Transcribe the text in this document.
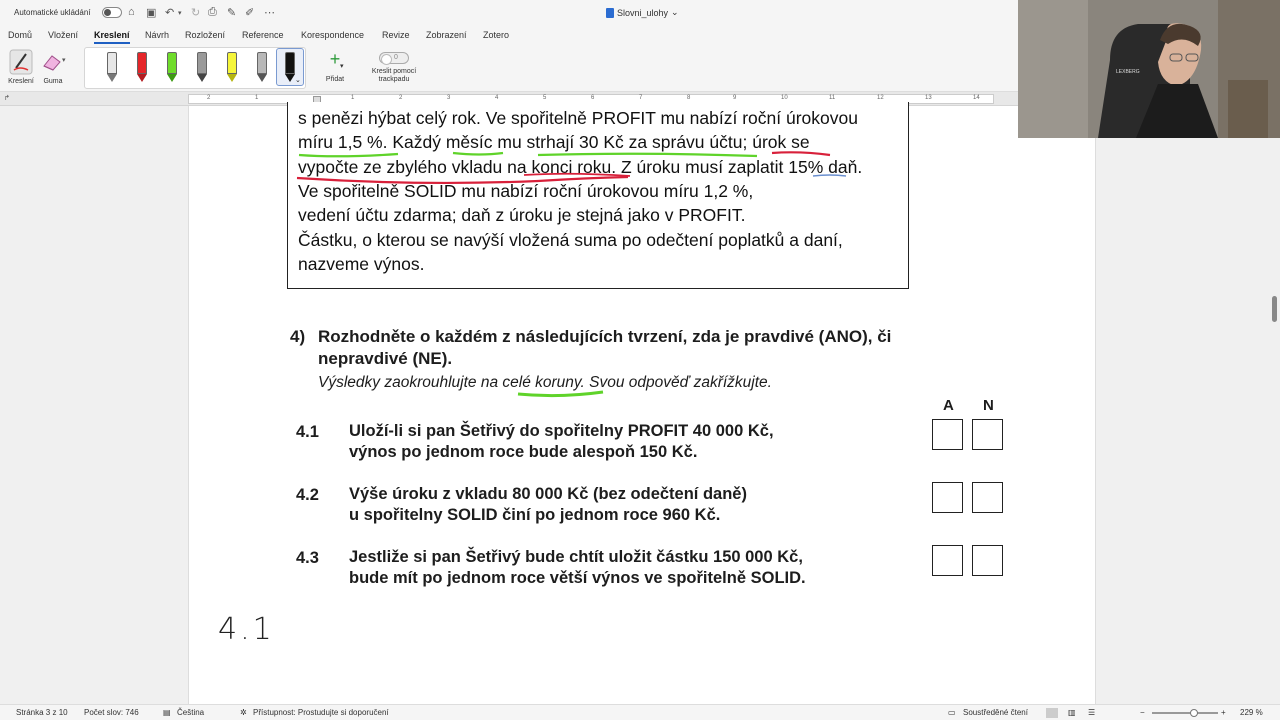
Automatické ukládání	⌂ ▣ ↶ ▾ ↻ ⎙ ✎ ✐ ⋯	Slovni_ulohy ⌄
Domů Vložení Kreslení Návrh Rozložení Reference Korespondence Revize Zobrazení Zotero
Kreslení
▾
Guma	⌄
+ ▾
Přidat
0
Kreslit pomocí
trackpadu
↱	2	1	1	2	3	4	5	6	7	8	9	10	11	12	13	14
s penězi hýbat celý rok. Ve spořitelně PROFIT mu nabízí roční úrokovou
míru 1,5 %. Každý měsíc mu strhají 30 Kč za správu účtu; úrok se
vypočte ze zbylého vkladu na konci roku. Z úroku musí zaplatit 15% daň.
Ve spořitelně SOLID mu nabízí roční úrokovou míru 1,2 %,
vedení účtu zdarma; daň z úroku je stejná jako v PROFIT.
Částku, o kterou se navýší vložená suma po odečtení poplatků a daní,
nazveme výnos.
4) Rozhodněte o každém z následujících tvrzení, zda je pravdivé (ANO), či
nepravdivé (NE).
Výsledky zaokrouhlujte na celé koruny. Svou odpověď zakřížkujte.
A N
4.1 Uloží-li si pan Šetřivý do spořitelny PROFIT 40 000 Kč,
výnos po jednom roce bude alespoň 150 Kč.
4.2 Výše úroku z vkladu 80 000 Kč (bez odečtení daně)
u spořitelny SOLID činí po jednom roce 960 Kč.
4.3 Jestliže si pan Šetřivý bude chtít uložit částku 150 000 Kč,
bude mít po jednom roce větší výnos ve spořitelně SOLID.
4.1
LEXBERG
Stránka 3 z 10 Počet slov: 746	▤ Čeština	✲ Přístupnost: Prostudujte si doporučení	▭ Soustředěné čtení	▥ ☰	−	+ 229 %
